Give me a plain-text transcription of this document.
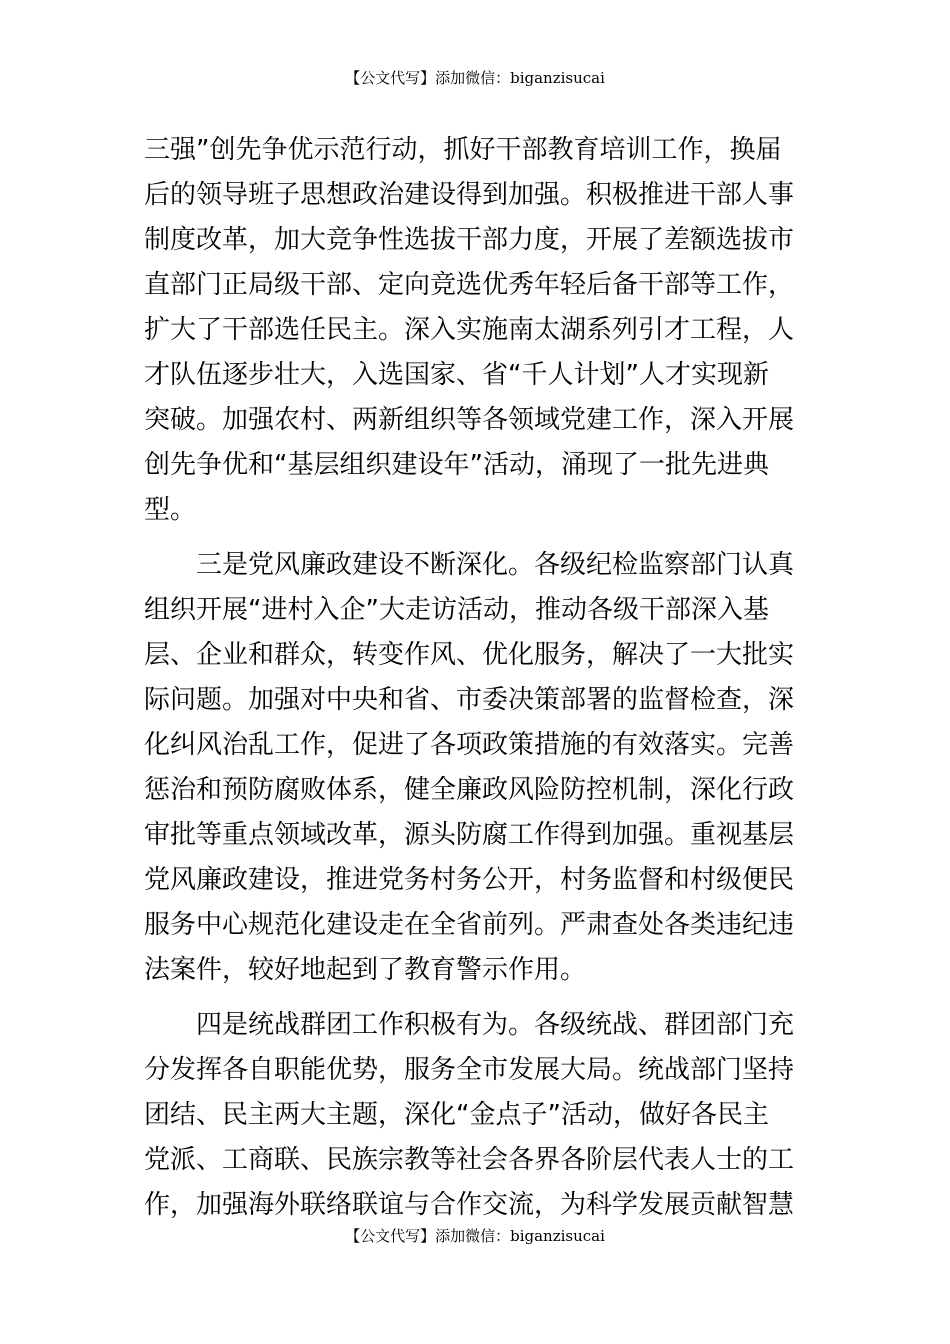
【公文代写】添加微信：biganzisucai
三强”创先争优示范行动，抓好干部教育培训工作，换届
后的领导班子思想政治建设得到加强。积极推进干部人事
制度改革，加大竞争性选拔干部力度，开展了差额选拔市
直部门正局级干部、定向竞选优秀年轻后备干部等工作，
扩大了干部选任民主。深入实施南太湖系列引才工程，人
才队伍逐步壮大，入选国家、省“千人计划”人才实现新
突破。加强农村、两新组织等各领域党建工作，深入开展
创先争优和“基层组织建设年”活动，涌现了一批先进典
型。
　　三是党风廉政建设不断深化。各级纪检监察部门认真
组织开展“进村入企”大走访活动，推动各级干部深入基
层、企业和群众，转变作风、优化服务，解决了一大批实
际问题。加强对中央和省、市委决策部署的监督检查，深
化纠风治乱工作，促进了各项政策措施的有效落实。完善
惩治和预防腐败体系，健全廉政风险防控机制，深化行政
审批等重点领域改革，源头防腐工作得到加强。重视基层
党风廉政建设，推进党务村务公开，村务监督和村级便民
服务中心规范化建设走在全省前列。严肃查处各类违纪违
法案件，较好地起到了教育警示作用。
　　四是统战群团工作积极有为。各级统战、群团部门充
分发挥各自职能优势，服务全市发展大局。统战部门坚持
团结、民主两大主题，深化“金点子”活动，做好各民主
党派、工商联、民族宗教等社会各界各阶层代表人士的工
作，加强海外联络联谊与合作交流，为科学发展贡献智慧
【公文代写】添加微信：biganzisucai
